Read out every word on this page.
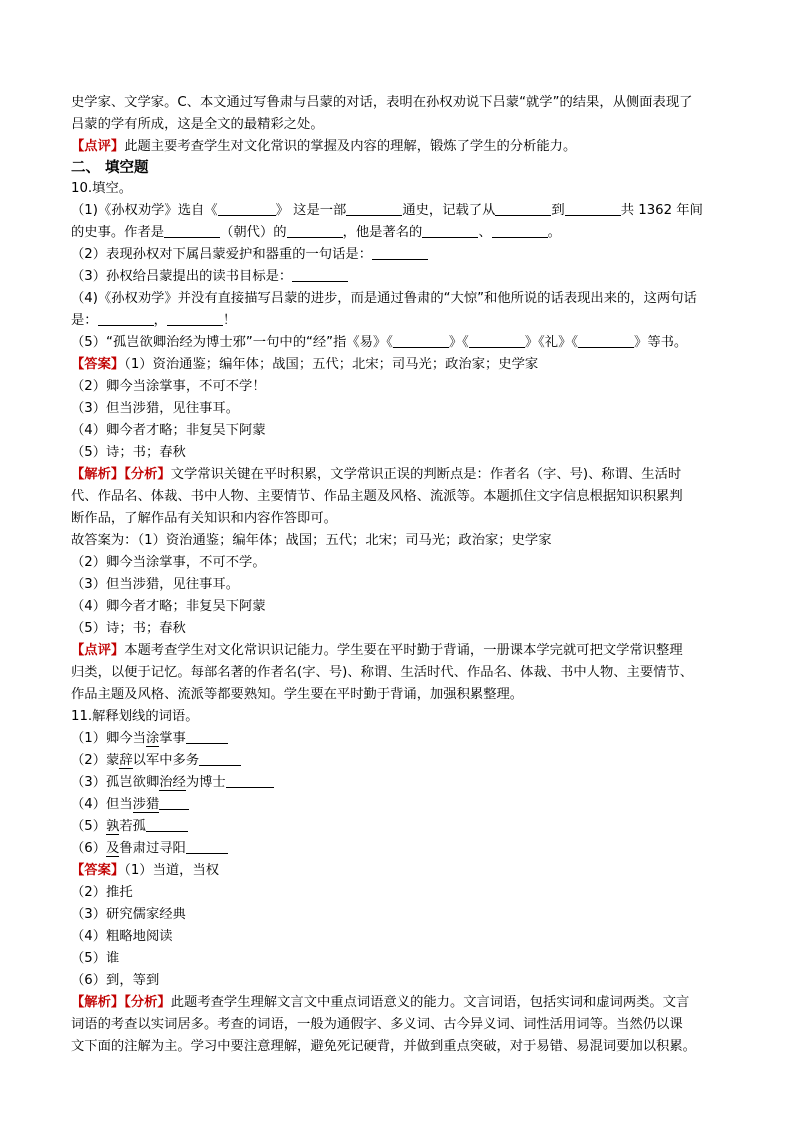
史学家、文学家。C、本文通过写鲁肃与吕蒙的对话，表明在孙权劝说下吕蒙“就学”的结果，从侧面表现了
吕蒙的学有所成，这是全文的最精彩之处。
【点评】此题主要考查学生对文化常识的掌握及内容的理解，锻炼了学生的分析能力。
二、 填空题
10.填空。
（1)《孙权劝学》选自《	》 这是一部	通史，记载了从	到	共 1362 年间
的史事。作者是	（朝代）的	，他是著名的	、	。
（2）表现孙权对下属吕蒙爱护和器重的一句话是：
（3）孙权给吕蒙提出的读书目标是：
（4)《孙权劝学》并没有直接描写吕蒙的进步，而是通过鲁肃的“大惊”和他所说的话表现出来的，这两句话
是：	，	！
（5）“孤岂欲卿治经为博士邪”一句中的“经”指《易》《	》《	》《礼》《	》等书。
【答案】（1）资治通鉴；编年体；战国；五代；北宋；司马光；政治家；史学家
（2）卿今当涂掌事，不可不学！
（3）但当涉猎，见往事耳。
（4）卿今者才略；非复吴下阿蒙
（5）诗；书；春秋
【解析】【分析】文学常识关键在平时积累，文学常识正误的判断点是：作者名（字、号)、称谓、生活时
代、作品名、体裁、书中人物、主要情节、作品主题及风格、流派等。本题抓住文字信息根据知识积累判
断作品，了解作品有关知识和内容作答即可。
故答案为：（1）资治通鉴；编年体；战国；五代；北宋；司马光；政治家；史学家
（2）卿今当涂掌事，不可不学。
（3）但当涉猎，见往事耳。
（4）卿今者才略；非复吴下阿蒙
（5）诗；书；春秋
【点评】本题考查学生对文化常识识记能力。学生要在平时勤于背诵，一册课本学完就可把文学常识整理
归类，以便于记忆。每部名著的作者名(字、号)、称谓、生活时代、作品名、体裁、书中人物、主要情节、
作品主题及风格、流派等都要熟知。学生要在平时勤于背诵，加强积累整理。
11.解释划线的词语。
（1）卿今当涂掌事
（2）蒙辞以军中多务
（3）孤岂欲卿治经为博士
（4）但当涉猎
（5）孰若孤
（6）及鲁肃过寻阳
【答案】（1）当道，当权
（2）推托
（3）研究儒家经典
（4）粗略地阅读
（5）谁
（6）到，等到
【解析】【分析】此题考查学生理解文言文中重点词语意义的能力。文言词语，包括实词和虚词两类。文言
词语的考查以实词居多。考查的词语，一般为通假字、多义词、古今异义词、词性活用词等。当然仍以课
文下面的注解为主。学习中要注意理解，避免死记硬背，并做到重点突破，对于易错、易混词要加以积累。
